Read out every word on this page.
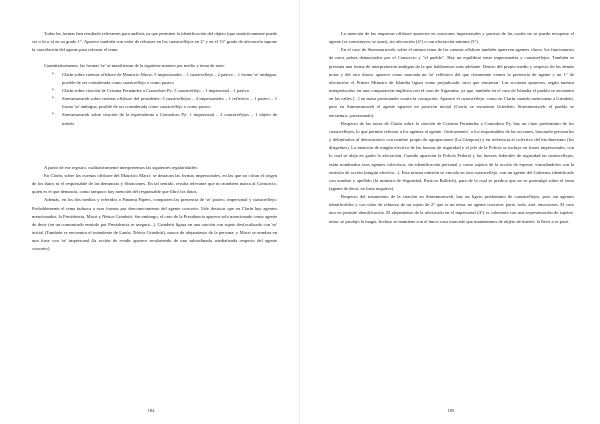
Todas las formas han resultado relevantes para análisis ya que permiten la identificación del objeto (que sintácticamente puede ser o-la o-s) en su grado 1°. Aparece también con valor de refuerzo en los cuasirreflejos en 2° y en el 13° grado de afectación supone la cancelación del agente para reforzar el tema.

Cuantitativamente, las formas 'se' se manifiestan de la siguiente manera por medio y tema de nota:

• Clarín sobre cuentas offshore de Mauricio Macri: 5 impersonales – 1 cuasirreflejo – 2 pasivo – 1 forma 'se' ambigua, posible de ser considerada como cuasirreflejo o como pasivo
• Clarín sobre citación de Cristina Fernández a Comodoro Py: 5 cuasirreflejo – 1 impersonal – 1 pasivo
• Sinesmuruweb sobre cuentas offshore del presidente: 3 cuasirreflejos – 4 impersonales – 1 reflexivo – 1 pasivo – 1 forma 'se' ambigua, posible de ser considerada como cuasirreflejo o como pasivo
• Sinesmuruweb sobre citación de la expresidenta a Comodoro Py: 1 impersonal – 2 cuasirreflejos – 1 objeto de interés

A partir de ese registro, cualitativamente interpretemos las siguientes regularidades:

En Clarín, sobre las cuentas offshore del Mauricio Macri: se destacan las formas impersonales, en las que no cifran el origen de los datos ni el responsable de las denuncias y filtraciones. En tal sentido, resulta relevante que no nombren nunca al Consorcio, quien es el que denuncia, como tampoco hay mención del responsable que filtró los datos.

Además, en los dos medios y referidos a Panamá Papers, comparten las presencia de 'se' pasivo, impersonal y cuasirreflejo. Probablemente el tema induzca a esas formas por desconocimiento del agente concreto. Vale destacar que en Clarín hay agentes mencionados, la Presidencia, Macri y Néstor Grindetti. Sin embargo, el caso de la Presidencia aparece solo mencionado como agente de decir (en un comunicado emitido por Presidencia se aseguró...). Grindetti figura en una oración con sujeto desfocalizado con 'se' inicial (También se encuentra el intendente de Lanús, Néstor Grindetti), marca de alejamiento de la persona; y Macri se nombra en una frase con 'se' impersonal (la acción de evadir aparece recubriendo de una subordinada, mediatizada respecto del agente concreto).

La mención de las empresas offshore aparecen en oraciones impersonales y pasivas de las cuales no se puede recuperar el agente (se constituyen, se usan), sin afectación (4°) o con afectación mínima (5°).

En el caso de Sinesmuruweb, sobre el mismo tema de las cuentas offshore también aparecen agentes claros: los funcionarios de otros países denunciados por el Consorcio y "el pueblo". Hay un equilibrio entre impersonales y cuasirreflejos. También se presenta una forma de interpretación ambigua de la que hablaremos más adelante. Dentro del propio medio y respecto de las demás notas y del otro diario, aparece como marcada un 'se' reflexivo del que claramente vemos la presencia de agente y un 1° de afectación: el Primer Ministro de Islandia figura como perjudicado: tuvo que renunciar. Las acciones aparecen, según nuestra interpretación, en una comparación implícita con el caso de Argentina, ya que, también en el caso de Islandia el pueblo se encuentra en las calles [...] en masa protestando contra la corrupción. Aparece el cuasirreflejo, como en Clarín cuando mencionan a Grindetti, pero en Sinesmuruweb el agente aparece en posición inicial (Carrio se encuentra Grindetti; Sinesmuruweb: el pueblo se encuentra...protestando).

Respecto de las notas de Clarín sobre la citación de Cristina Fernández a Comodoro Py, hay un claro predominio de los cuasirreflejos, lo que permite reforzar a los agentes al agente, 'tácticamente', a los responsables de las acciones, buscando precisarlos y delimitarlos al demostrativo con nombre propio de agrupaciones (La Cámpora) y en referencia al colectivo del kirchnerismo (los dirigentes). La mención de ningún efectivo de las fuerzas de seguridad y el jefe de la Policía se incluye en frases impersonales, con lo cual se aleja en grado la afectación. Cuando aparecen la Policía Federal y las fuerzas federales de seguridad en cuasirreflejos, están nombrados esos agentes colectivos, sin identificación personal y como sujetos de la acción de esperar, vinculándolos con la omisión de acción (ningún efectivo...). Esta misma omisión se vincula en otra cuasirreflejo, con un agente del Gobierno identificado con nombre y apellido (la ministra de Seguridad, Patricia Bullrich), para de la cual se predica que no se promulgó sobre el tema (agente de decir, en frase negativa).

Respecto del tratamiento de la citación en Sinesmuruweb, hay un ligero predominio de cuasirreflejos, pero sin agentes identificables y con valor de refuerzo de un sujeto de 2° que se un tema, no agente concreto: parte, todo, aire, emociones. El caso uno no permite identificación. El alejamiento de la afectación en el impersonal (4°) es coherente con una representación de sujetos-tema: se produjo la magia. Incluso se mantiene con el único caso marcado que mantenemos de objeto de interés: la llevó a se pasó.

184	185
